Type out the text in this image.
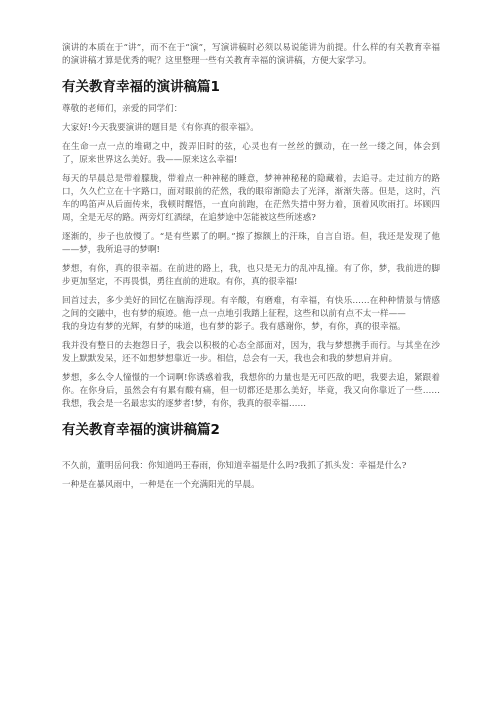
演讲的本质在于“讲”，而不在于“演”，写演讲稿时必须以易说能讲为前提。什么样的有关教育幸福的演讲稿才算是优秀的呢？这里整理一些有关教育幸福的演讲稿，方便大家学习。

有关教育幸福的演讲稿篇1

尊敬的老师们，亲爱的同学们：

大家好!今天我要演讲的题目是《有你真的很幸福》。

在生命一点一点的堆砌之中，拨弄旧时的弦，心灵也有一丝丝的颤动，在一丝一缕之间，体会到了，原来世界这么美好。我——原来这么幸福!

每天的早晨总是带着朦胧，带着点一种神秘的睡意，梦神神秘秘的隐藏着，去追寻。走过前方的路口，久久伫立在十字路口，面对眼前的茫然，我的眼帘渐隐去了光泽，渐渐失落。但是，这时，汽车的鸣笛声从后面传来，我顿时醒悟，一直向前跑，在茫然失措中努力着，顶着风吹雨打。坏顾四周，全是无尽的路。两旁灯红酒绿，在追梦途中怎能被这些所迷惑?

逐渐的，步子也放慢了。“是有些累了的啊。”擦了擦额上的汗珠，自言自语。但，我还是发现了他——梦，我所追寻的梦啊!

梦想，有你，真的很幸福。在前进的路上，我，也只是无力的乱冲乱撞。有了你，梦，我前进的脚步更加坚定，不再畏惧，勇往直前的进取。有你，真的很幸福!

回首过去，多少美好的回忆在脑海浮现。有辛酸，有磨难，有幸福，有快乐……在种种情景与情感之间的交融中，也有梦的痕迹。他一点一点地引我踏上征程，这些和以前有点不太一样——
我的身边有梦的光辉，有梦的味道，也有梦的影子。我有感谢你，梦，有你，真的很幸福。

我并没有整日的去抱怨日子，我会以积极的心态全部面对，因为，我与梦想携手而行。与其坐在沙发上默默发呆，还不如想梦想靠近一步。相信，总会有一天，我也会和我的梦想肩并肩。

梦想，多么令人憧憬的一个词啊!你诱惑着我，我想你的力量也是无可匹敌的吧，我要去追，紧跟着你。在你身后，虽然会有有累有酸有痛，但一切都还是那么美好，毕竟，我又向你靠近了一些……我想，我会是一名最忠实的逐梦者!梦，有你，我真的很幸福……

有关教育幸福的演讲稿篇2

不久前，董明岳问我：你知道吗王春雨，你知道幸福是什么吗?我抓了抓头发：幸福是什么?

一种是在暴风雨中，一种是在一个充满阳光的早晨。
